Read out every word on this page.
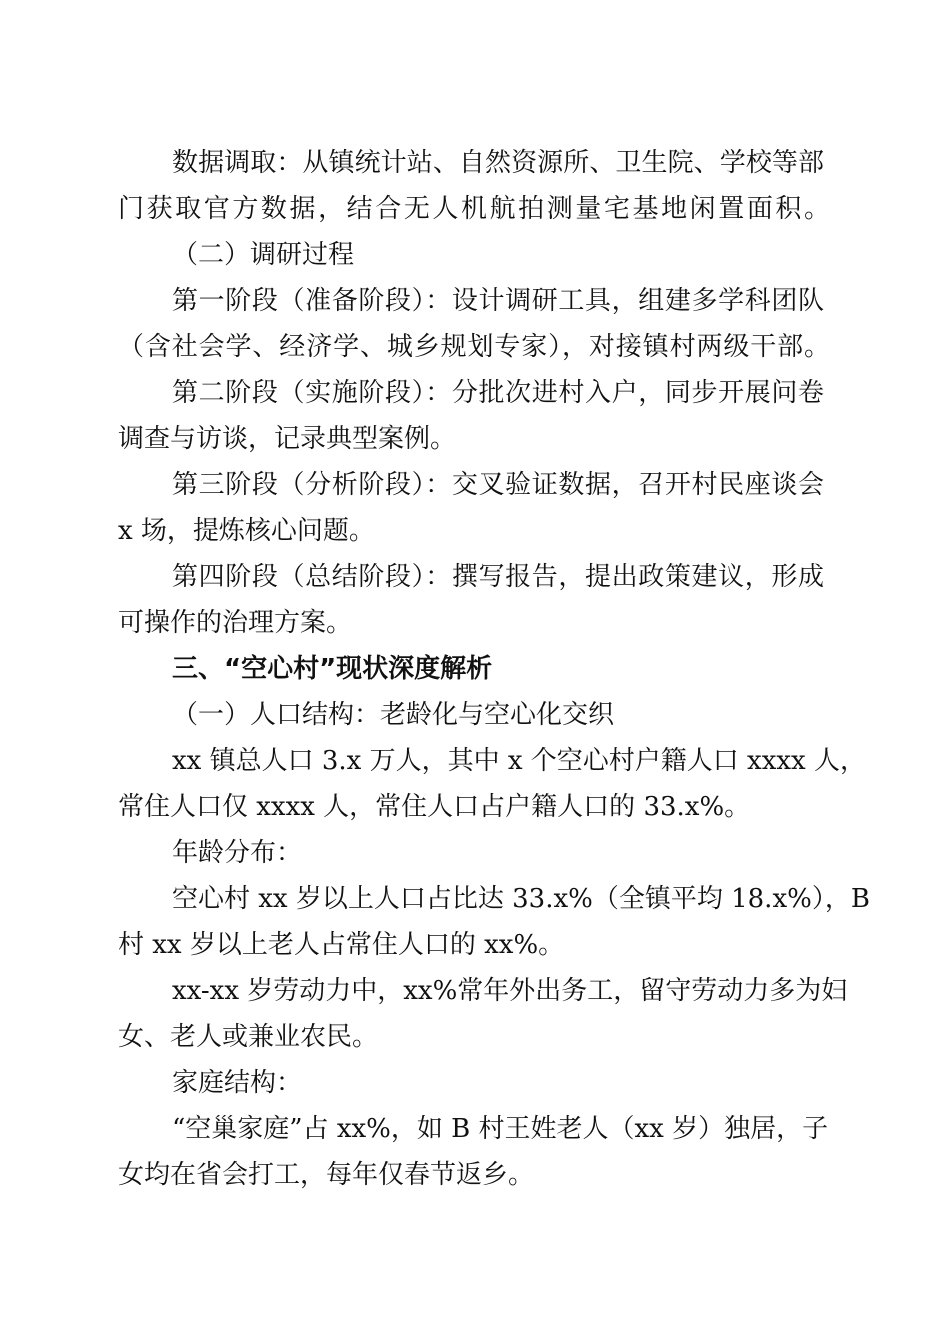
数据调取：从镇统计站、自然资源所、卫生院、学校等部
门获取官方数据，结合无人机航拍测量宅基地闲置面积。
（二）调研过程
第一阶段（准备阶段）：设计调研工具，组建多学科团队
（含社会学、经济学、城乡规划专家），对接镇村两级干部。
第二阶段（实施阶段）：分批次进村入户，同步开展问卷
调查与访谈，记录典型案例。
第三阶段（分析阶段）：交叉验证数据，召开村民座谈会
x 场，提炼核心问题。
第四阶段（总结阶段）：撰写报告，提出政策建议，形成
可操作的治理方案。
三、“空心村”现状深度解析
（一）人口结构：老龄化与空心化交织
xx 镇总人口 3.x 万人，其中 x 个空心村户籍人口 xxxx 人，
常住人口仅 xxxx 人，常住人口占户籍人口的 33.x%。
年龄分布：
空心村 xx 岁以上人口占比达 33.x%（全镇平均 18.x%），B
村 xx 岁以上老人占常住人口的 xx%。
xx-xx 岁劳动力中，xx%常年外出务工，留守劳动力多为妇
女、老人或兼业农民。
家庭结构：
“空巢家庭”占 xx%，如 B 村王姓老人（xx 岁）独居，子
女均在省会打工，每年仅春节返乡。
